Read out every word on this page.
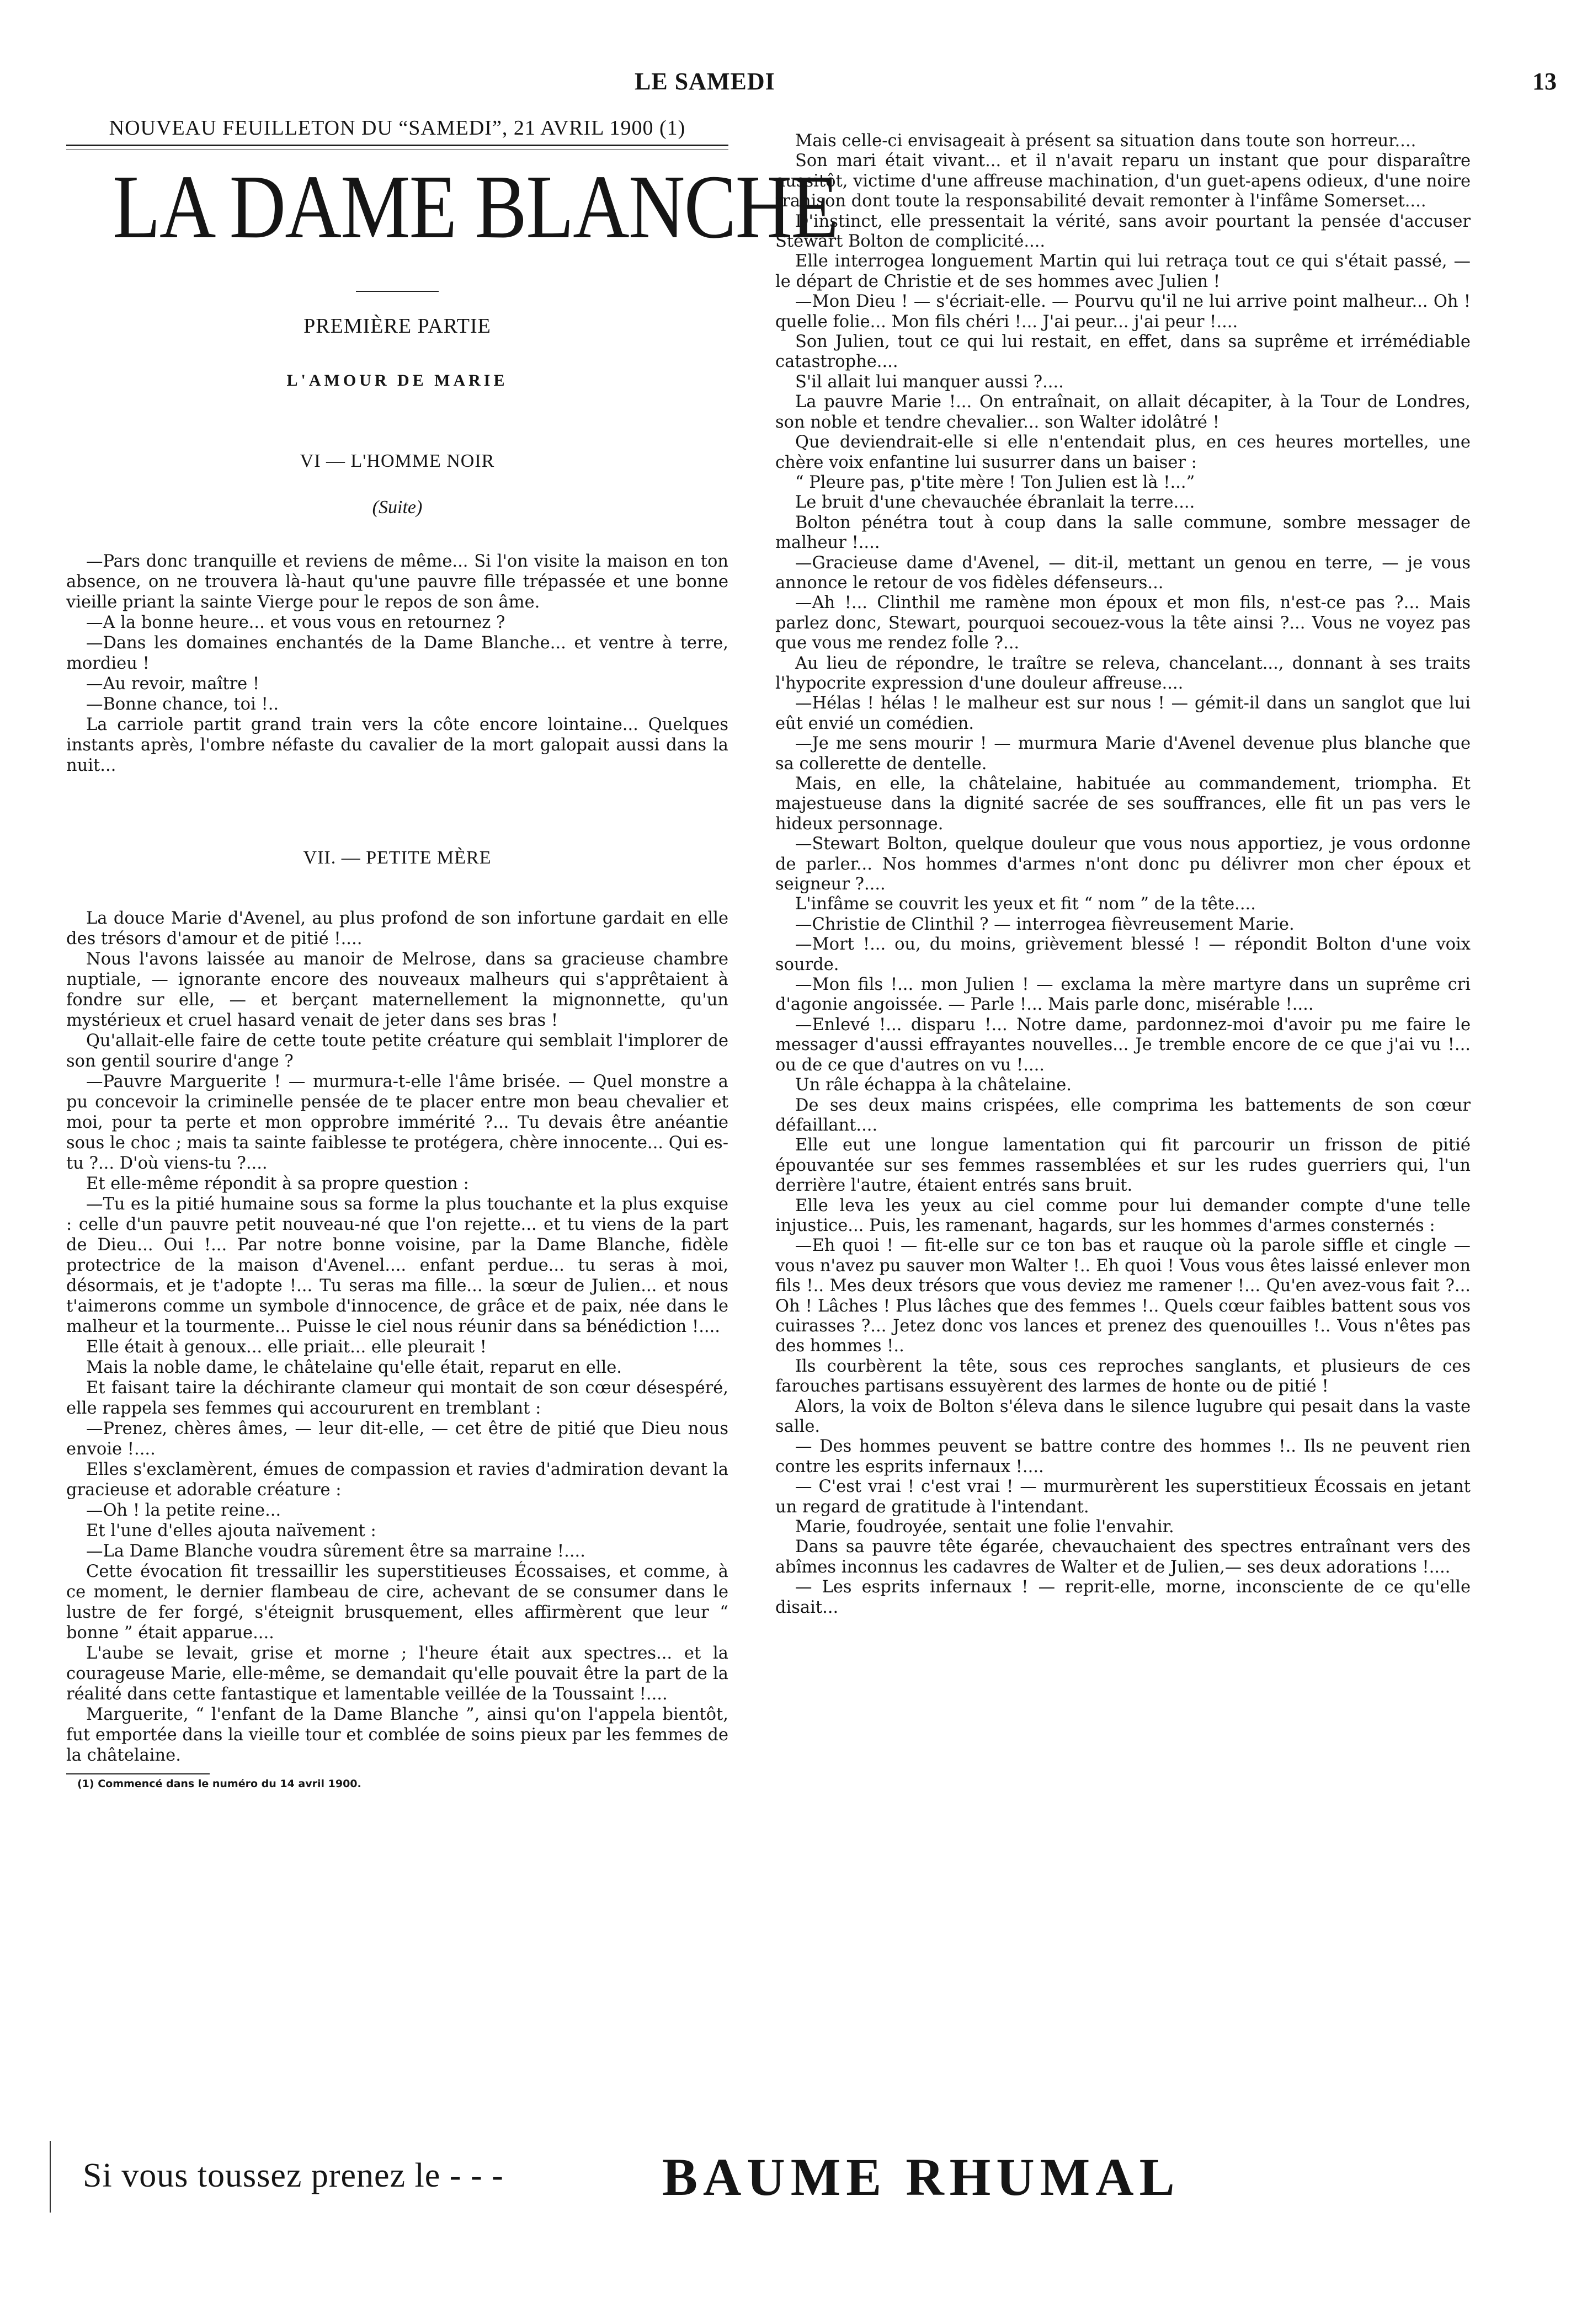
LE SAMEDI	13
NOUVEAU FEUILLETON DU “SAMEDI”, 21 AVRIL 1900 (1)
LA DAME BLANCHE
PREMIÈRE PARTIE
L'AMOUR DE MARIE
VI — L'HOMME NOIR
(Suite)

—Pars donc tranquille et reviens de même... Si l'on visite la maison en ton absence, on ne trouvera là-haut qu'une pauvre fille trépassée et une bonne vieille priant la sainte Vierge pour le repos de son âme.

—A la bonne heure... et vous vous en retournez ?

—Dans les domaines enchantés de la Dame Blanche... et ventre à terre, mordieu !

—Au revoir, maître !

—Bonne chance, toi !..

La carriole partit grand train vers la côte encore lointaine... Quelques instants après, l'ombre néfaste du cavalier de la mort galopait aussi dans la nuit...

VII. — PETITE MÈRE

La douce Marie d'Avenel, au plus profond de son infortune gardait en elle des trésors d'amour et de pitié !....

Nous l'avons laissée au manoir de Melrose, dans sa gracieuse chambre nuptiale, — ignorante encore des nouveaux malheurs qui s'apprêtaient à fondre sur elle, — et berçant maternellement la mignonnette, qu'un mystérieux et cruel hasard venait de jeter dans ses bras !

Qu'allait-elle faire de cette toute petite créature qui semblait l'implorer de son gentil sourire d'ange ?

—Pauvre Marguerite ! — murmura-t-elle l'âme brisée. — Quel monstre a pu concevoir la criminelle pensée de te placer entre mon beau chevalier et moi, pour ta perte et mon opprobre immérité ?... Tu devais être anéantie sous le choc ; mais ta sainte faiblesse te protégera, chère innocente... Qui es-tu ?... D'où viens-tu ?....

Et elle-même répondit à sa propre question :

—Tu es la pitié humaine sous sa forme la plus touchante et la plus exquise : celle d'un pauvre petit nouveau-né que l'on rejette... et tu viens de la part de Dieu... Oui !... Par notre bonne voisine, par la Dame Blanche, fidèle protectrice de la maison d'Avenel.... enfant perdue... tu seras à moi, désormais, et je t'adopte !... Tu seras ma fille... la sœur de Julien... et nous t'aimerons comme un symbole d'innocence, de grâce et de paix, née dans le malheur et la tourmente... Puisse le ciel nous réunir dans sa bénédiction !....

Elle était à genoux... elle priait... elle pleurait !

Mais la noble dame, le châtelaine qu'elle était, reparut en elle.

Et faisant taire la déchirante clameur qui montait de son cœur désespéré, elle rappela ses femmes qui accoururent en tremblant :

—Prenez, chères âmes, — leur dit-elle, — cet être de pitié que Dieu nous envoie !....

Elles s'exclamèrent, émues de compassion et ravies d'admiration devant la gracieuse et adorable créature :

—Oh ! la petite reine...

Et l'une d'elles ajouta naïvement :

—La Dame Blanche voudra sûrement être sa marraine !....

Cette évocation fit tressaillir les superstitieuses Écossaises, et comme, à ce moment, le dernier flambeau de cire, achevant de se consumer dans le lustre de fer forgé, s'éteignit brusquement, elles affirmèrent que leur “ bonne ” était apparue....

L'aube se levait, grise et morne ; l'heure était aux spectres... et la courageuse Marie, elle-même, se demandait qu'elle pouvait être la part de la réalité dans cette fantastique et lamentable veillée de la Toussaint !....

Marguerite, “ l'enfant de la Dame Blanche ”, ainsi qu'on l'appela bientôt, fut emportée dans la vieille tour et comblée de soins pieux par les femmes de la châtelaine.

(1) Commencé dans le numéro du 14 avril 1900.

Mais celle-ci envisageait à présent sa situation dans toute son horreur....

Son mari était vivant... et il n'avait reparu un instant que pour disparaître aussitôt, victime d'une affreuse machination, d'un guet-apens odieux, d'une noire trahison dont toute la responsabilité devait remonter à l'infâme Somerset....

D'instinct, elle pressentait la vérité, sans avoir pourtant la pensée d'accuser Stewart Bolton de complicité....

Elle interrogea longuement Martin qui lui retraça tout ce qui s'était passé, — le départ de Christie et de ses hommes avec Julien !

—Mon Dieu ! — s'écriait-elle. — Pourvu qu'il ne lui arrive point malheur... Oh ! quelle folie... Mon fils chéri !... J'ai peur... j'ai peur !....

Son Julien, tout ce qui lui restait, en effet, dans sa suprême et irrémédiable catastrophe....

S'il allait lui manquer aussi ?....

La pauvre Marie !... On entraînait, on allait décapiter, à la Tour de Londres, son noble et tendre chevalier... son Walter idolâtré !

Que deviendrait-elle si elle n'entendait plus, en ces heures mortelles, une chère voix enfantine lui susurrer dans un baiser :

“ Pleure pas, p'tite mère ! Ton Julien est là !...”

Le bruit d'une chevauchée ébranlait la terre....

Bolton pénétra tout à coup dans la salle commune, sombre messager de malheur !....

—Gracieuse dame d'Avenel, — dit-il, mettant un genou en terre, — je vous annonce le retour de vos fidèles défenseurs...

—Ah !... Clinthil me ramène mon époux et mon fils, n'est-ce pas ?... Mais parlez donc, Stewart, pourquoi secouez-vous la tête ainsi ?... Vous ne voyez pas que vous me rendez folle ?...

Au lieu de répondre, le traître se releva, chancelant..., donnant à ses traits l'hypocrite expression d'une douleur affreuse....

—Hélas ! hélas ! le malheur est sur nous ! — gémit-il dans un sanglot que lui eût envié un comédien.

—Je me sens mourir ! — murmura Marie d'Avenel devenue plus blanche que sa collerette de dentelle.

Mais, en elle, la châtelaine, habituée au commandement, triompha. Et majestueuse dans la dignité sacrée de ses souffrances, elle fit un pas vers le hideux personnage.

—Stewart Bolton, quelque douleur que vous nous apportiez, je vous ordonne de parler... Nos hommes d'armes n'ont donc pu délivrer mon cher époux et seigneur ?....

L'infâme se couvrit les yeux et fit “ nom ” de la tête....

—Christie de Clinthil ? — interrogea fièvreusement Marie.

—Mort !... ou, du moins, grièvement blessé ! — répondit Bolton d'une voix sourde.

—Mon fils !... mon Julien ! — exclama la mère martyre dans un suprême cri d'agonie angoissée. — Parle !... Mais parle donc, misérable !....

—Enlevé !... disparu !... Notre dame, pardonnez-moi d'avoir pu me faire le messager d'aussi effrayantes nouvelles... Je tremble encore de ce que j'ai vu !... ou de ce que d'autres on vu !....

Un râle échappa à la châtelaine.

De ses deux mains crispées, elle comprima les battements de son cœur défaillant....

Elle eut une longue lamentation qui fit parcourir un frisson de pitié épouvantée sur ses femmes rassemblées et sur les rudes guerriers qui, l'un derrière l'autre, étaient entrés sans bruit.

Elle leva les yeux au ciel comme pour lui demander compte d'une telle injustice... Puis, les ramenant, hagards, sur les hommes d'armes consternés :

—Eh quoi ! — fit-elle sur ce ton bas et rauque où la parole siffle et cingle — vous n'avez pu sauver mon Walter !.. Eh quoi ! Vous vous êtes laissé enlever mon fils !.. Mes deux trésors que vous deviez me ramener !... Qu'en avez-vous fait ?... Oh ! Lâches ! Plus lâches que des femmes !.. Quels cœur faibles battent sous vos cuirasses ?... Jetez donc vos lances et prenez des quenouilles !.. Vous n'êtes pas des hommes !..

Ils courbèrent la tête, sous ces reproches sanglants, et plusieurs de ces farouches partisans essuyèrent des larmes de honte ou de pitié !

Alors, la voix de Bolton s'éleva dans le silence lugubre qui pesait dans la vaste salle.

— Des hommes peuvent se battre contre des hommes !.. Ils ne peuvent rien contre les esprits infernaux !....

— C'est vrai ! c'est vrai ! — murmurèrent les superstitieux Écossais en jetant un regard de gratitude à l'intendant.

Marie, foudroyée, sentait une folie l'envahir.

Dans sa pauvre tête égarée, chevauchaient des spectres entraînant vers des abîmes inconnus les cadavres de Walter et de Julien,— ses deux adorations !....

— Les esprits infernaux ! — reprit-elle, morne, inconsciente de ce qu'elle disait...

Si vous toussez prenez le - - -	BAUME RHUMAL
